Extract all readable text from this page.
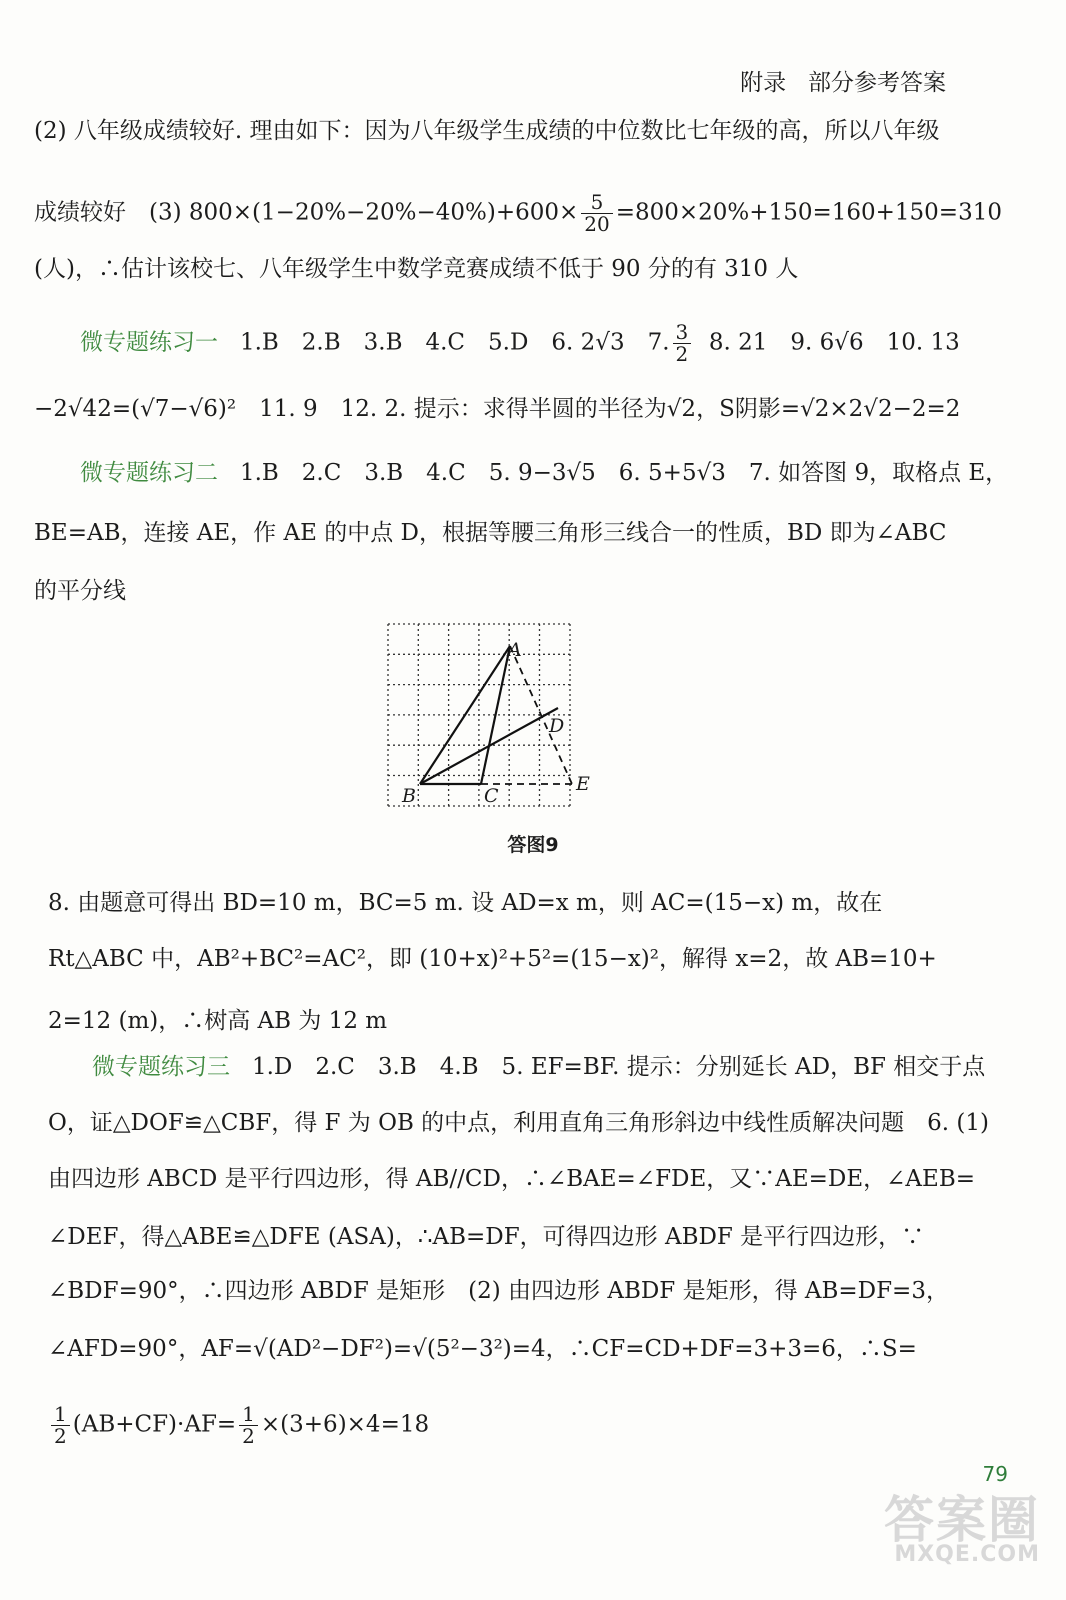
附录 部分参考答案
(2) 八年级成绩较好. 理由如下：因为八年级学生成绩的中位数比七年级的高，所以八年级
成绩较好　(3) $800\times(1-20\%-20\%-40\%)+600\times \frac{5}{20} =800\times 20\%+150=160+150=310$
(人)，∴估计该校七、八年级学生中数学竞赛成绩不低于 90 分的有 310 人
微专题练习一 1.B　2.B　3.B　4.C　5.D　6. 2√3　7. $\frac{3}{2} 8$. 21　9. 6√6　10. 13
−2√42=(√7−√6)²　11. 9　12. 2. 提示：求得半圆的半径为√2，S阴影=√2×2√2−2=2
微专题练习二 1.B　2.C　3.B　4.C　5. 9−3√5　6. 5+5√3　7. 如答图 9，取格点 E，
BE=AB，连接 AE，作 AE 的中点 D，根据等腰三角形三线合一的性质，BD 即为∠ABC
的平分线
A
B	C
D
E
答图9
8. 由题意可得出 BD=10 m，BC=5 m. 设 AD=x m，则 AC=(15−x) m，故在
Rt△ABC 中，AB²+BC²=AC²，即 (10+x)²+5²=(15−x)²，解得 x=2，故 AB=10+
2=12 (m)，∴树高 AB 为 12 m
微专题练习三 1.D　2.C　3.B　4.B　5. EF=BF. 提示：分别延长 AD，BF 相交于点
O，证△DOF≌△CBF，得 F 为 OB 的中点，利用直角三角形斜边中线性质解决问题　6. (1)
由四边形 ABCD 是平行四边形，得 AB//CD，∴∠BAE=∠FDE，又∵AE=DE，∠AEB=
∠DEF，得△ABE≌△DFE (ASA)，∴AB=DF，可得四边形 ABDF 是平行四边形，∵
∠BDF=90°，∴四边形 ABDF 是矩形　(2) 由四边形 ABDF 是矩形，得 AB=DF=3，
∠AFD=90°，AF=√(AD²−DF²)=√(5²−3²)=4，∴CF=CD+DF=3+3=6，∴S=
$\frac{1}{2} (AB+CF)\cdot AF= \frac{1}{2} \times(3+6)\times 4=18$
79
答案圈
MXQE.COM
